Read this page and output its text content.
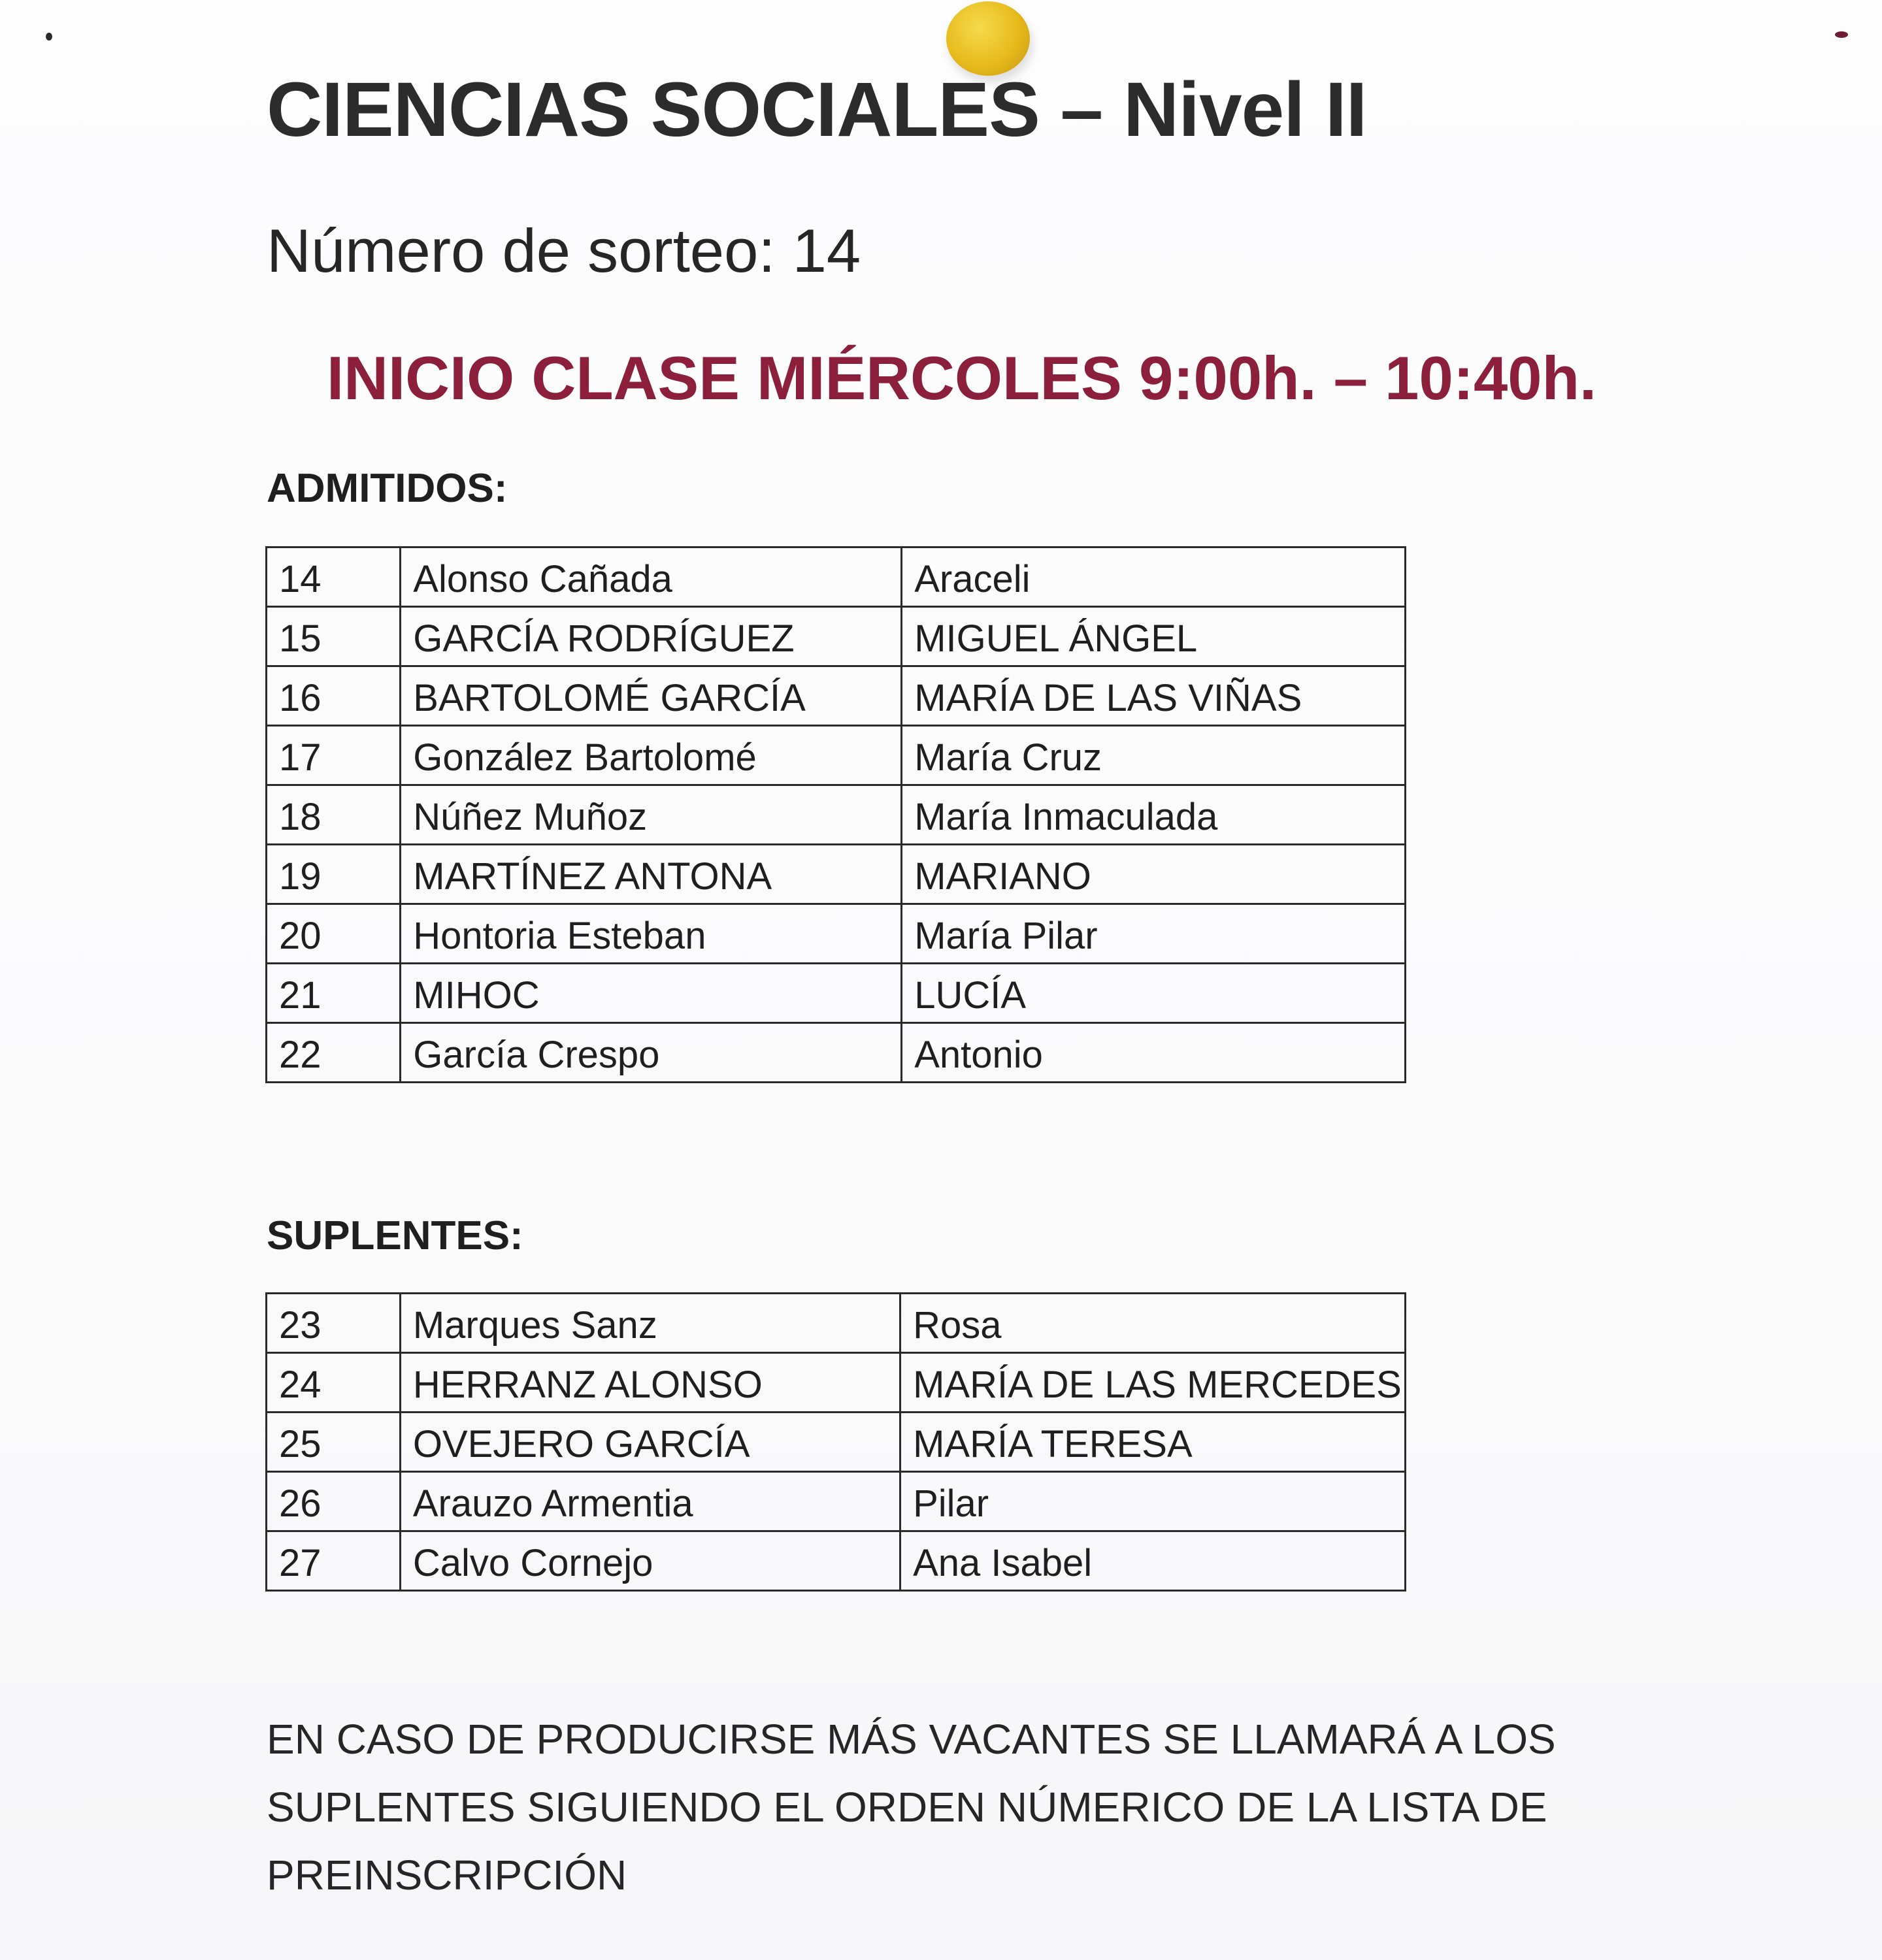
CIENCIAS SOCIALES – Nivel II
Número de sorteo: 14
INICIO CLASE MIÉRCOLES 9:00h. – 10:40h.
ADMITIDOS:
14	Alonso Cañada	Araceli
15	GARCÍA RODRÍGUEZ	MIGUEL ÁNGEL
16	BARTOLOMÉ GARCÍA	MARÍA DE LAS VIÑAS
17	González Bartolomé	María Cruz
18	Núñez Muñoz	María Inmaculada
19	MARTÍNEZ ANTONA	MARIANO
20	Hontoria Esteban	María Pilar
21	MIHOC	LUCÍA
22	García Crespo	Antonio
SUPLENTES:
23	Marques Sanz	Rosa
24	HERRANZ ALONSO	MARÍA DE LAS MERCEDES
25	OVEJERO GARCÍA	MARÍA TERESA
26	Arauzo Armentia	Pilar
27	Calvo Cornejo	Ana Isabel
EN CASO DE PRODUCIRSE MÁS VACANTES SE LLAMARÁ A LOS
SUPLENTES SIGUIENDO EL ORDEN NÚMERICO DE LA LISTA DE
PREINSCRIPCIÓN
